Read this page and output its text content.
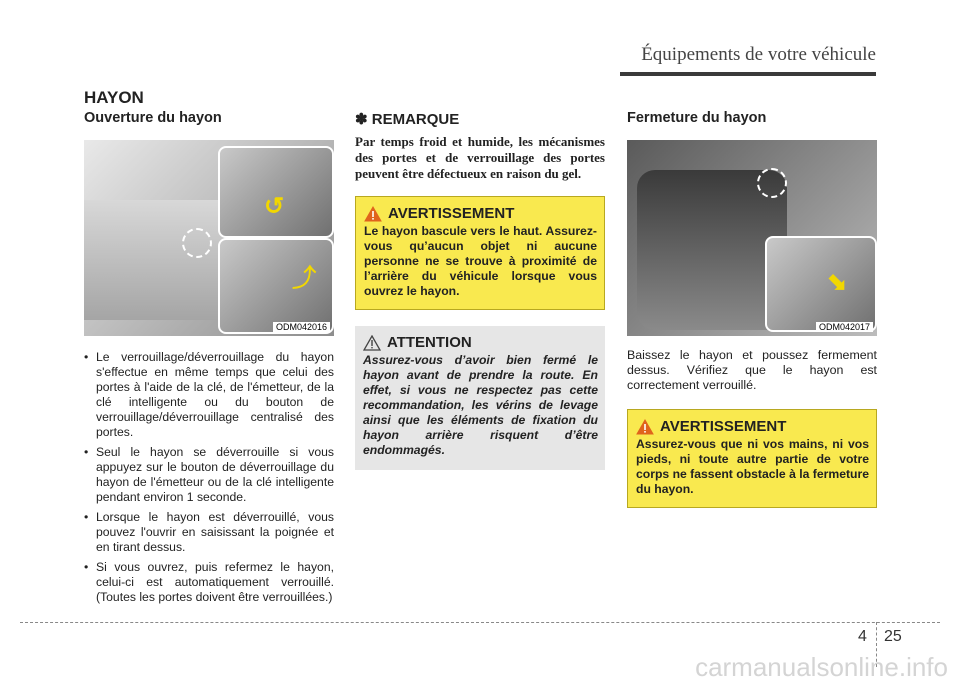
Équipements de votre véhicule
HAYON
Ouverture du hayon
↺
⤴
ODM042016
• Le verrouillage/déverrouillage du hayon s'effectue en même temps que celui des portes à l'aide de la clé, de l'émetteur, de la clé intelligente ou du bouton de verrouillage/déverrouillage centralisé des portes.
• Seul le hayon se déverrouille si vous appuyez sur le bouton de déverrouillage du hayon de l'émetteur ou de la clé intelligente pendant environ 1 seconde.
• Lorsque le hayon est déverrouillé, vous pouvez l'ouvrir en saisissant la poignée et en tirant dessus.
• Si vous ouvrez, puis refermez le hayon, celui-ci est automatiquement verrouillé. (Toutes les portes doivent être verrouillées.)
✽ REMARQUE
Par temps froid et humide, les mécanismes des portes et de verrouillage des portes peuvent être défectueux en raison du gel.
AVERTISSEMENT
Le hayon bascule vers le haut. Assurez-vous qu’aucun objet ni aucune personne ne se trouve à proximité de l’arrière du véhicule lorsque vous ouvrez le hayon.
ATTENTION
Assurez-vous d’avoir bien fermé le hayon avant de prendre la route. En effet, si vous ne respectez pas cette recommandation, les vérins de levage ainsi que les éléments de fixation du hayon arrière risquent d’être endommagés.
Fermeture du hayon
⬊
ODM042017

Baissez le hayon et poussez fermement dessus. Vérifiez que le hayon est correctement verrouillé.

AVERTISSEMENT
Assurez-vous que ni vos mains, ni vos pieds, ni toute autre partie de votre corps ne fassent obstacle à la fermeture du hayon.
4 25
carmanualsonline.info
